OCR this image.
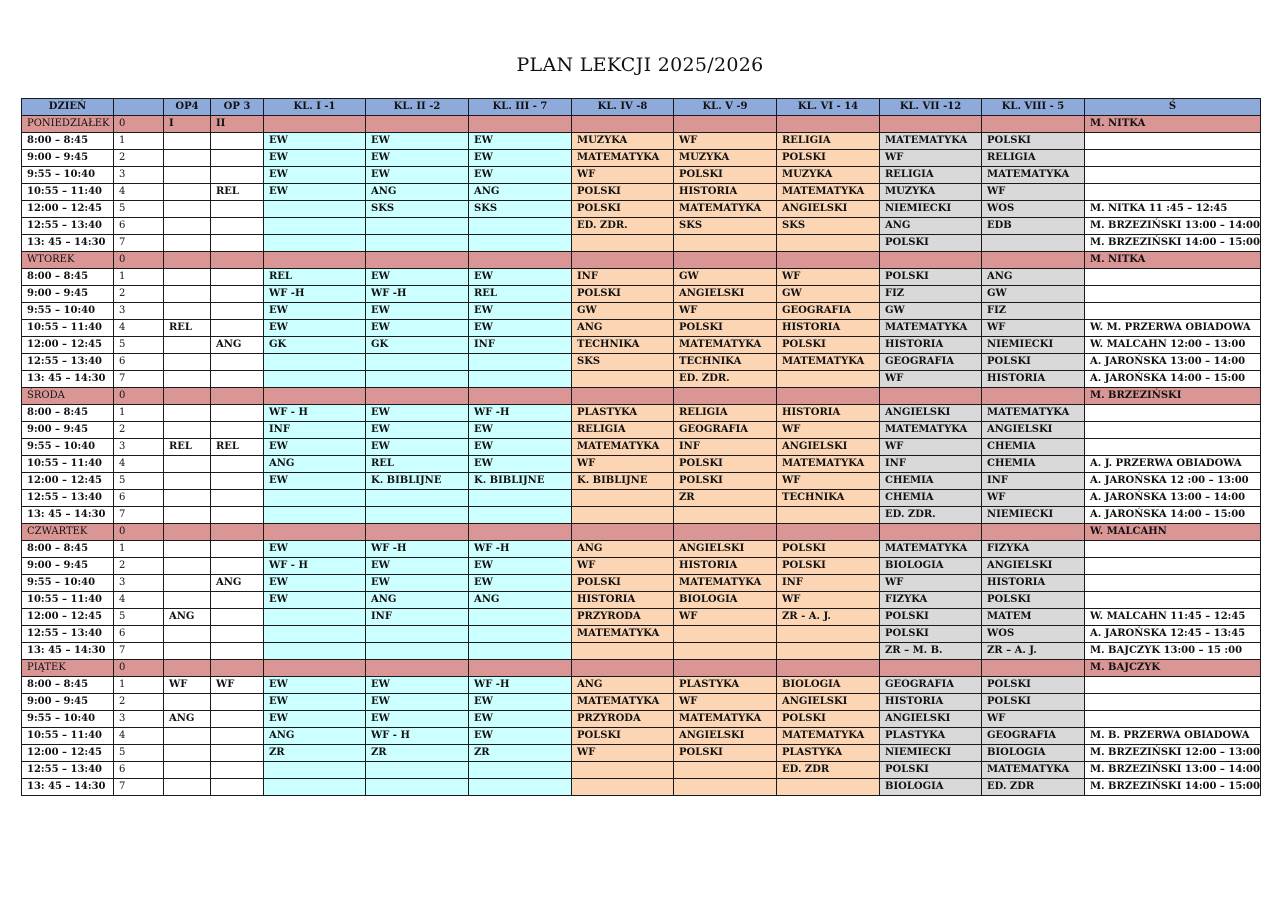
PLAN LEKCJI 2025/2026
DZIEŃ		OP4	OP 3	KL. I -1	KL. II -2	KL. III - 7	KL. IV -8	KL. V -9	KL. VI - 14	KL. VII -12	KL. VIII - 5	Ś
PONIEDZIAŁEK	0	I	II									M. NITKA
8:00 – 8:45	1			EW	EW	EW	MUZYKA	WF	RELIGIA	MATEMATYKA	POLSKI	
9:00 – 9:45	2			EW	EW	EW	MATEMATYKA	MUZYKA	POLSKI	WF	RELIGIA	
9:55 – 10:40	3			EW	EW	EW	WF	POLSKI	MUZYKA	RELIGIA	MATEMATYKA	
10:55 – 11:40	4		REL	EW	ANG	ANG	POLSKI	HISTORIA	MATEMATYKA	MUZYKA	WF	
12:00 – 12:45	5				SKS	SKS	POLSKI	MATEMATYKA	ANGIELSKI	NIEMIECKI	WOS	M. NITKA 11 :45 – 12:45
12:55 – 13:40	6						ED. ZDR.	SKS	SKS	ANG	EDB	M. BRZEZIŃSKI 13:00 – 14:00
13: 45 – 14:30	7									POLSKI		M. BRZEZIŃSKI 14:00 – 15:00
WTOREK	0											M. NITKA
8:00 – 8:45	1			REL	EW	EW	INF	GW	WF	POLSKI	ANG	
9:00 – 9:45	2			WF -H	WF -H	REL	POLSKI	ANGIELSKI	GW	FIZ	GW	
9:55 – 10:40	3			EW	EW	EW	GW	WF	GEOGRAFIA	GW	FIZ	
10:55 – 11:40	4	REL		EW	EW	EW	ANG	POLSKI	HISTORIA	MATEMATYKA	WF	W. M. PRZERWA OBIADOWA
12:00 – 12:45	5		ANG	GK	GK	INF	TECHNIKA	MATEMATYKA	POLSKI	HISTORIA	NIEMIECKI	W. MALCAHN 12:00 – 13:00
12:55 – 13:40	6						SKS	TECHNIKA	MATEMATYKA	GEOGRAFIA	POLSKI	A. JAROŃSKA 13:00 – 14:00
13: 45 – 14:30	7							ED. ZDR.		WF	HISTORIA	A. JAROŃSKA 14:00 – 15:00
ŚRODA	0											M. BRZEZIŃSKI
8:00 – 8:45	1			WF - H	EW	WF -H	PLASTYKA	RELIGIA	HISTORIA	ANGIELSKI	MATEMATYKA	
9:00 – 9:45	2			INF	EW	EW	RELIGIA	GEOGRAFIA	WF	MATEMATYKA	ANGIELSKI	
9:55 – 10:40	3	REL	REL	EW	EW	EW	MATEMATYKA	INF	ANGIELSKI	WF	CHEMIA	
10:55 – 11:40	4			ANG	REL	EW	WF	POLSKI	MATEMATYKA	INF	CHEMIA	A. J. PRZERWA OBIADOWA
12:00 – 12:45	5			EW	K. BIBLIJNE	K. BIBLIJNE	K. BIBLIJNE	POLSKI	WF	CHEMIA	INF	A. JAROŃSKA 12 :00 – 13:00
12:55 – 13:40	6							ZR	TECHNIKA	CHEMIA	WF	A. JAROŃSKA 13:00 – 14:00
13: 45 – 14:30	7									ED. ZDR.	NIEMIECKI	A. JAROŃSKA 14:00 – 15:00
CZWARTEK	0											W. MALCAHN
8:00 – 8:45	1			EW	WF -H	WF -H	ANG	ANGIELSKI	POLSKI	MATEMATYKA	FIZYKA	
9:00 – 9:45	2			WF - H	EW	EW	WF	HISTORIA	POLSKI	BIOLOGIA	ANGIELSKI	
9:55 – 10:40	3		ANG	EW	EW	EW	POLSKI	MATEMATYKA	INF	WF	HISTORIA	
10:55 – 11:40	4			EW	ANG	ANG	HISTORIA	BIOLOGIA	WF	FIZYKA	POLSKI	
12:00 – 12:45	5	ANG			INF		PRZYRODA	WF	ZR - A. J.	POLSKI	MATEM	W. MALCAHN 11:45 – 12:45
12:55 – 13:40	6						MATEMATYKA			POLSKI	WOS	A. JAROŃSKA 12:45 – 13:45
13: 45 – 14:30	7									ZR – M. B.	ZR – A. J.	M. BAJCZYK 13:00 – 15 :00
PIĄTEK	0											M. BAJCZYK
8:00 – 8:45	1	WF	WF	EW	EW	WF -H	ANG	PLASTYKA	BIOLOGIA	GEOGRAFIA	POLSKI	
9:00 – 9:45	2			EW	EW	EW	MATEMATYKA	WF	ANGIELSKI	HISTORIA	POLSKI	
9:55 – 10:40	3	ANG		EW	EW	EW	PRZYRODA	MATEMATYKA	POLSKI	ANGIELSKI	WF	
10:55 – 11:40	4			ANG	WF - H	EW	POLSKI	ANGIELSKI	MATEMATYKA	PLASTYKA	GEOGRAFIA	M. B. PRZERWA OBIADOWA
12:00 – 12:45	5			ZR	ZR	ZR	WF	POLSKI	PLASTYKA	NIEMIECKI	BIOLOGIA	M. BRZEZIŃSKI 12:00 – 13:00
12:55 – 13:40	6								ED. ZDR	POLSKI	MATEMATYKA	M. BRZEZIŃSKI 13:00 – 14:00
13: 45 – 14:30	7									BIOLOGIA	ED. ZDR	M. BRZEZIŃSKI 14:00 – 15:00
